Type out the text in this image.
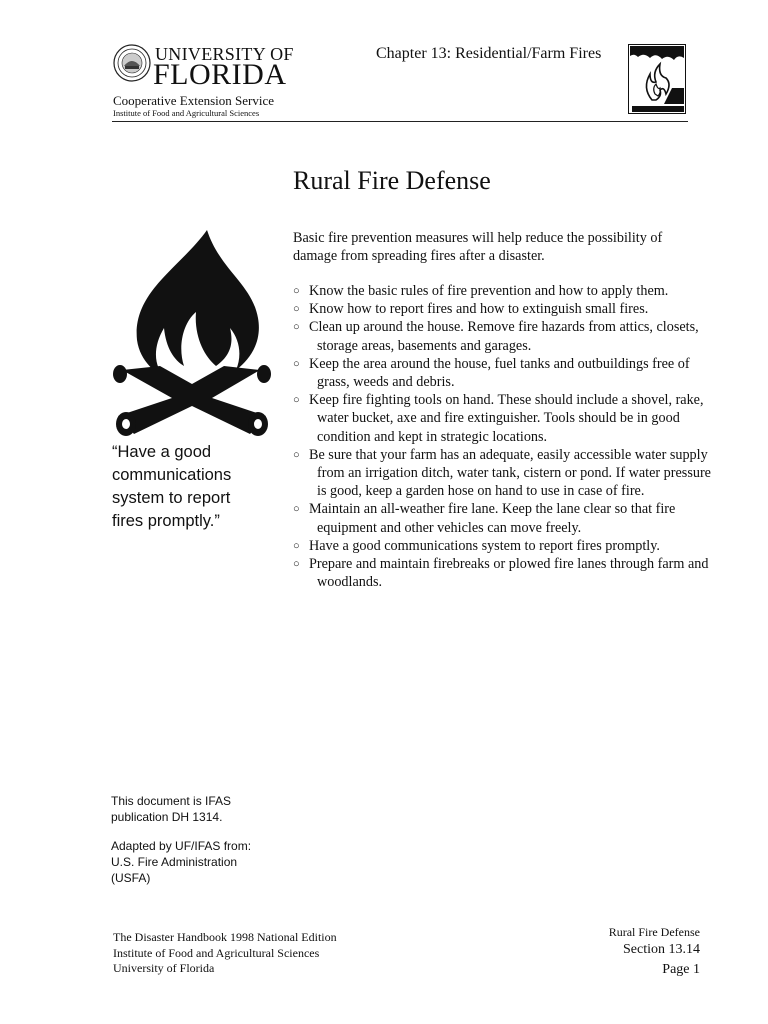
UNIVERSITY OF
FLORIDA
Cooperative Extension Service
Institute of Food and Agricultural Sciences
Chapter 13: Residential/Farm Fires
Rural Fire Defense
Basic fire prevention measures will help reduce the possibility of damage from spreading fires after a disaster.
○ Know the basic rules of fire prevention and how to apply them.
○ Know how to report fires and how to extinguish small fires.
○ Clean up around the house. Remove fire hazards from attics, closets, storage areas, basements and garages.
○ Keep the area around the house, fuel tanks and outbuildings free of grass, weeds and debris.
○ Keep fire fighting tools on hand. These should include a shovel, rake, water bucket, axe and fire extinguisher. Tools should be in good condition and kept in strategic locations.
○ Be sure that your farm has an adequate, easily accessible water supply from an irrigation ditch, water tank, cistern or pond. If water pressure is good, keep a garden hose on hand to use in case of fire.
○ Maintain an all-weather fire lane. Keep the lane clear so that fire equipment and other vehicles can move freely.
○ Have a good communications system to report fires promptly.
○ Prepare and maintain firebreaks or plowed fire lanes through farm and woodlands.
“Have a good
communications
system to report
fires promptly.”
This document is IFAS
publication DH 1314.
Adapted by UF/IFAS from:
U.S. Fire Administration
(USFA)
The Disaster Handbook 1998 National Edition
Institute of Food and Agricultural Sciences
University of Florida
Rural Fire Defense
Section 13.14
Page 1
